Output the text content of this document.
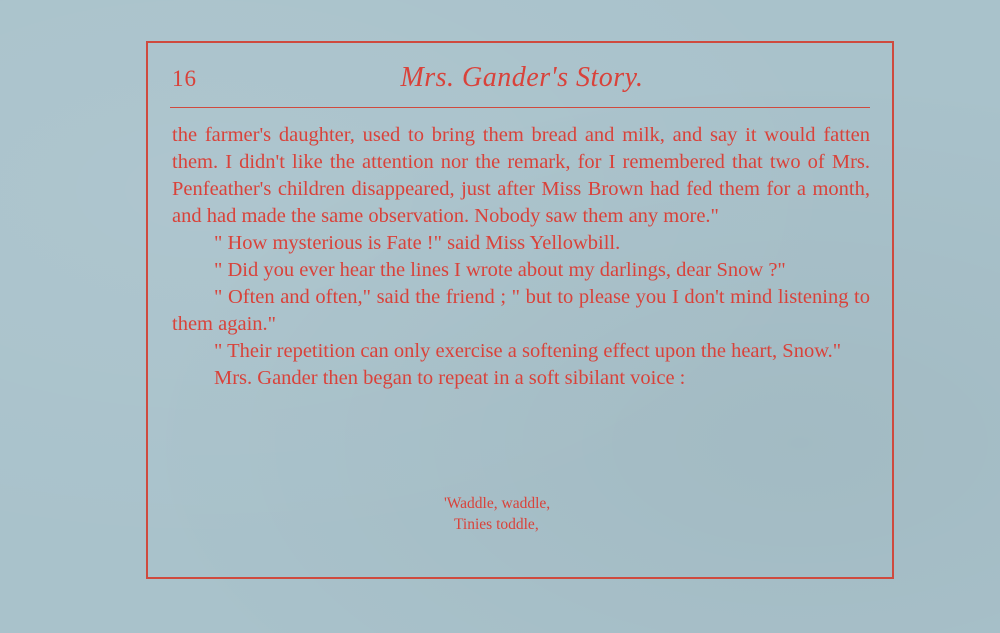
16	Mrs. Gander's Story.

the farmer's daughter, used to bring them bread and milk, and say it would fatten them. I didn't like the attention nor the remark, for I remembered that two of Mrs. Penfeather's children disappeared, just after Miss Brown had fed them for a month, and had made the same observation. Nobody saw them any more."

" How mysterious is Fate !" said Miss Yellowbill.

" Did you ever hear the lines I wrote about my darlings, dear Snow ?"

" Often and often," said the friend ; " but to please you I don't mind listening to them again."

" Their repetition can only exercise a softening effect upon the heart, Snow."

Mrs. Gander then began to repeat in a soft sibilant voice :

'Waddle, waddle,
Tinies toddle,
